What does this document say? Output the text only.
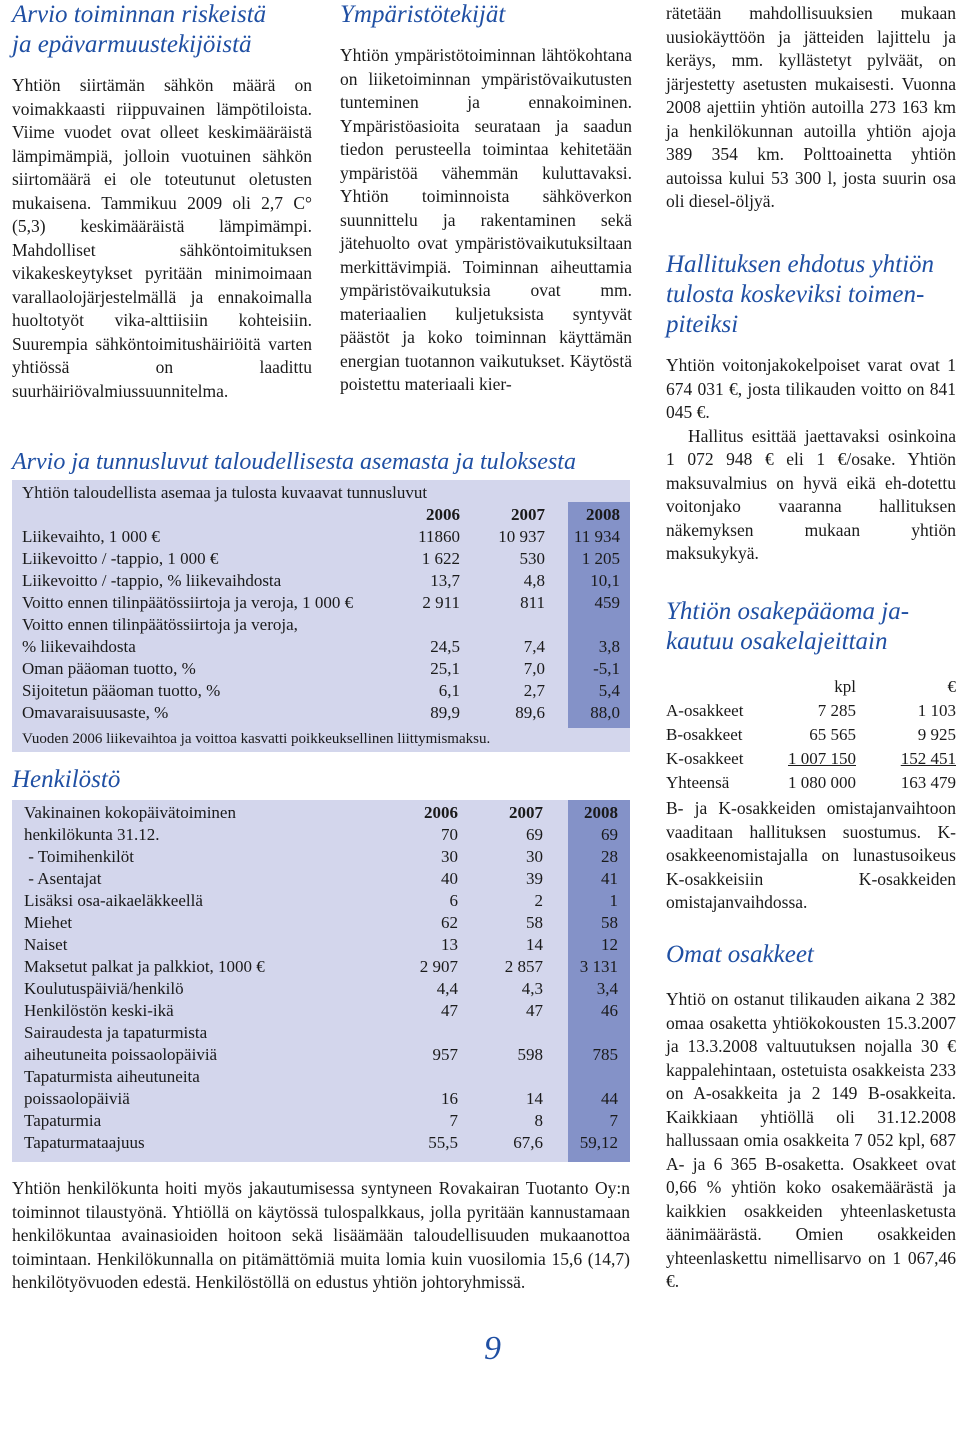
Arvio toiminnan riskeistä
ja epävarmuustekijöistä
Yhtiön siirtämän sähkön määrä on voimakkaasti riippuvainen lämpötiloista. Viime vuodet ovat olleet keskimääräistä lämpimämpiä, jolloin vuotuinen sähkön siirtomäärä ei ole toteutunut oletusten mukaisena. Tammikuu 2009 oli 2,7 C° (5,3) keskimääräistä lämpimämpi. Mahdolliset sähköntoimituksen vikakeskeytykset pyritään minimoimaan varallaolojärjestelmällä ja ennakoimalla huoltotyöt vika-alttiisiin kohteisiin. Suurempia sähköntoimitushäiriöitä varten yhtiössä on laadittu suurhäiriövalmiussuunnitelma.
Ympäristötekijät
Yhtiön ympäristötoiminnan lähtökohtana on liiketoiminnan ympäristövaikutusten tunteminen ja ennakoiminen. Ympäristöasioita seurataan ja saadun tiedon perusteella toimintaa kehitetään ympäristöä vähemmän kuluttavaksi. Yhtiön toiminnoista sähköverkon suunnittelu ja rakentaminen sekä jätehuolto ovat ympäristövaikutuksiltaan merkittävimpiä. Toiminnan aiheuttamia ympäristövaikutuksia ovat mm. materiaalien kuljetuksista syntyvät päästöt ja koko toiminnan käyttämän energian tuotannon vaikutukset. Käytöstä poistettu materiaali kier-
rätetään mahdollisuuksien mukaan uusiokäyttöön ja jätteiden lajittelu ja keräys, mm. kyllästetyt pylväät, on järjestetty asetusten mukaisesti. Vuonna 2008 ajettiin yhtiön autoilla 273 163 km ja henkilökunnan autoilla yhtiön ajoja 389 354 km. Polttoainetta yhtiön autoissa kului 53 300 l, josta suurin osa oli diesel-öljyä.
Arvio ja tunnusluvut taloudellisesta asemasta ja tuloksesta
Yhtiön taloudellista asemaa ja tulosta kuvaavat tunnusluvut
2006	2007	2008
Liikevaihto, 1 000 €	11860	10 937	11 934
Liikevoitto / -tappio, 1 000 €	1 622	530	1 205
Liikevoitto / -tappio, % liikevaihdosta	13,7	4,8	10,1
Voitto ennen tilinpäätössiirtoja ja veroja, 1 000 €	2 911	811	459
Voitto ennen tilinpäätössiirtoja ja veroja,
% liikevaihdosta	24,5	7,4	3,8
Oman pääoman tuotto, %	25,1	7,0	-5,1
Sijoitetun pääoman tuotto, %	6,1	2,7	5,4
Omavaraisuusaste, %	89,9	89,6	88,0
Vuoden 2006 liikevaihtoa ja voittoa kasvatti poikkeuksellinen liittymismaksu.
Henkilöstö
Vakinainen kokopäivätoiminen	2006	2007	2008
henkilökunta 31.12.	70	69	69
- Toimihenkilöt	30	30	28
- Asentajat	40	39	41
Lisäksi osa-aikaeläkkeellä	6	2	1
Miehet	62	58	58
Naiset	13	14	12
Maksetut palkat ja palkkiot, 1000 €	2 907	2 857	3 131
Koulutuspäiviä/henkilö	4,4	4,3	3,4
Henkilöstön keski-ikä	47	47	46
Sairaudesta ja tapaturmista
aiheutuneita poissaolopäiviä	957	598	785
Tapaturmista aiheutuneita
poissaolopäiviä	16	14	44
Tapaturmia	7	8	7
Tapaturmataajuus	55,5	67,6	59,12
Yhtiön henkilökunta hoiti myös jakautumisessa syntyneen Rovakairan Tuotanto Oy:n toiminnot tilaustyönä. Yhtiöllä on käytössä tulospalkkaus, jolla pyritään kannustamaan henkilökuntaa avainasioiden hoitoon sekä lisäämään taloudellisuuden mukaanottoa toimintaan. Henkilökunnalla on pitämättömiä muita lomia kuin vuosilomia 15,6 (14,7) henkilötyövuoden edestä. Henkilöstöllä on edustus yhtiön johtoryhmissä.
Hallituksen ehdotus yhtiön
tulosta koskeviksi toimen-
piteiksi

Yhtiön voitonjakokelpoiset varat ovat 1 674 031 €, josta tilikauden voitto on 841 045 €.

Hallitus esittää jaettavaksi osinkoina 1 072 948 € eli 1 €/osake. Yhtiön maksuvalmius on hyvä eikä eh-dotettu voitonjako vaaranna hallituksen näkemyksen mukaan yhtiön maksukykyä.

Yhtiön osakepääoma ja-
kautuu osakelajeittain
kpl	€
A-osakkeet	7 285	1 103
B-osakkeet	65 565	9 925
K-osakkeet	1 007 150	152 451
Yhteensä	1 080 000	163 479
B- ja K-osakkeiden omistajanvaihtoon vaaditaan hallituksen suostumus. K-osakkeenomistajalla on lunastusoikeus K-osakkeisiin K-osakkeiden omistajanvaihdossa.
Omat osakkeet
Yhtiö on ostanut tilikauden aikana 2 382 omaa osaketta yhtiökokousten 15.3.2007 ja 13.3.2008 valtuutuksen nojalla 30 € kappalehintaan, ostetuista osakkeista 233 on A-osakkeita ja 2 149 B-osakkeita. Kaikkiaan yhtiöllä oli 31.12.2008 hallussaan omia osakkeita 7 052 kpl, 687 A- ja 6 365 B-osaketta. Osakkeet ovat 0,66 % yhtiön koko osakemäärästä ja kaikkien osakkeiden yhteenlasketusta äänimäärästä. Omien osakkeiden yhteenlaskettu nimellisarvo on 1 067,46 €.
9
